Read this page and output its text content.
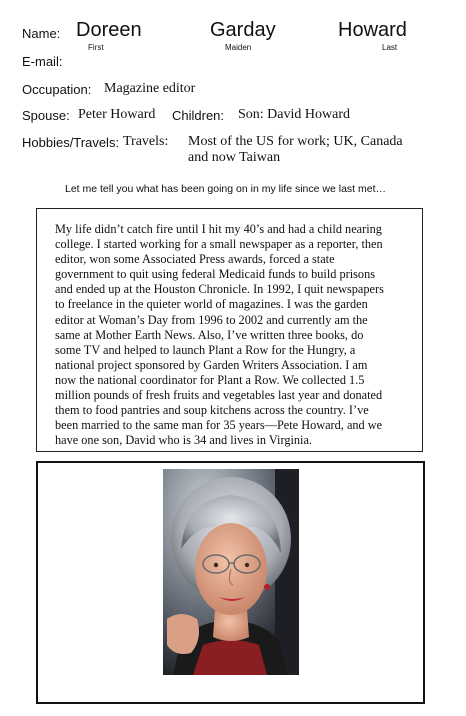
Name: Doreen
First
Garday
Maiden
Howard
Last
E-mail:
Occupation: Magazine editor
Spouse: Peter Howard Children: Son: David Howard
Hobbies/Travels: Travels: Most of the US for work; UK, Canada
and now Taiwan
Let me tell you what has been going on in my life since we last met…
My life didn’t catch fire until I hit my 40’s and had a child nearing
college. I started working for a small newspaper as a reporter, then
editor, won some Associated Press awards, forced a state
government to quit using federal Medicaid funds to build prisons
and ended up at the Houston Chronicle. In 1992, I quit newspapers
to freelance in the quieter world of magazines. I was the garden
editor at Woman’s Day from 1996 to 2002 and currently am the
same at Mother Earth News. Also, I’ve written three books, do
some TV and helped to launch Plant a Row for the Hungry, a
national project sponsored by Garden Writers Association. I am
now the national coordinator for Plant a Row. We collected 1.5
million pounds of fresh fruits and vegetables last year and donated
them to food pantries and soup kitchens across the country. I’ve
been married to the same man for 35 years—Pete Howard, and we
have one son, David who is 34 and lives in Virginia.
